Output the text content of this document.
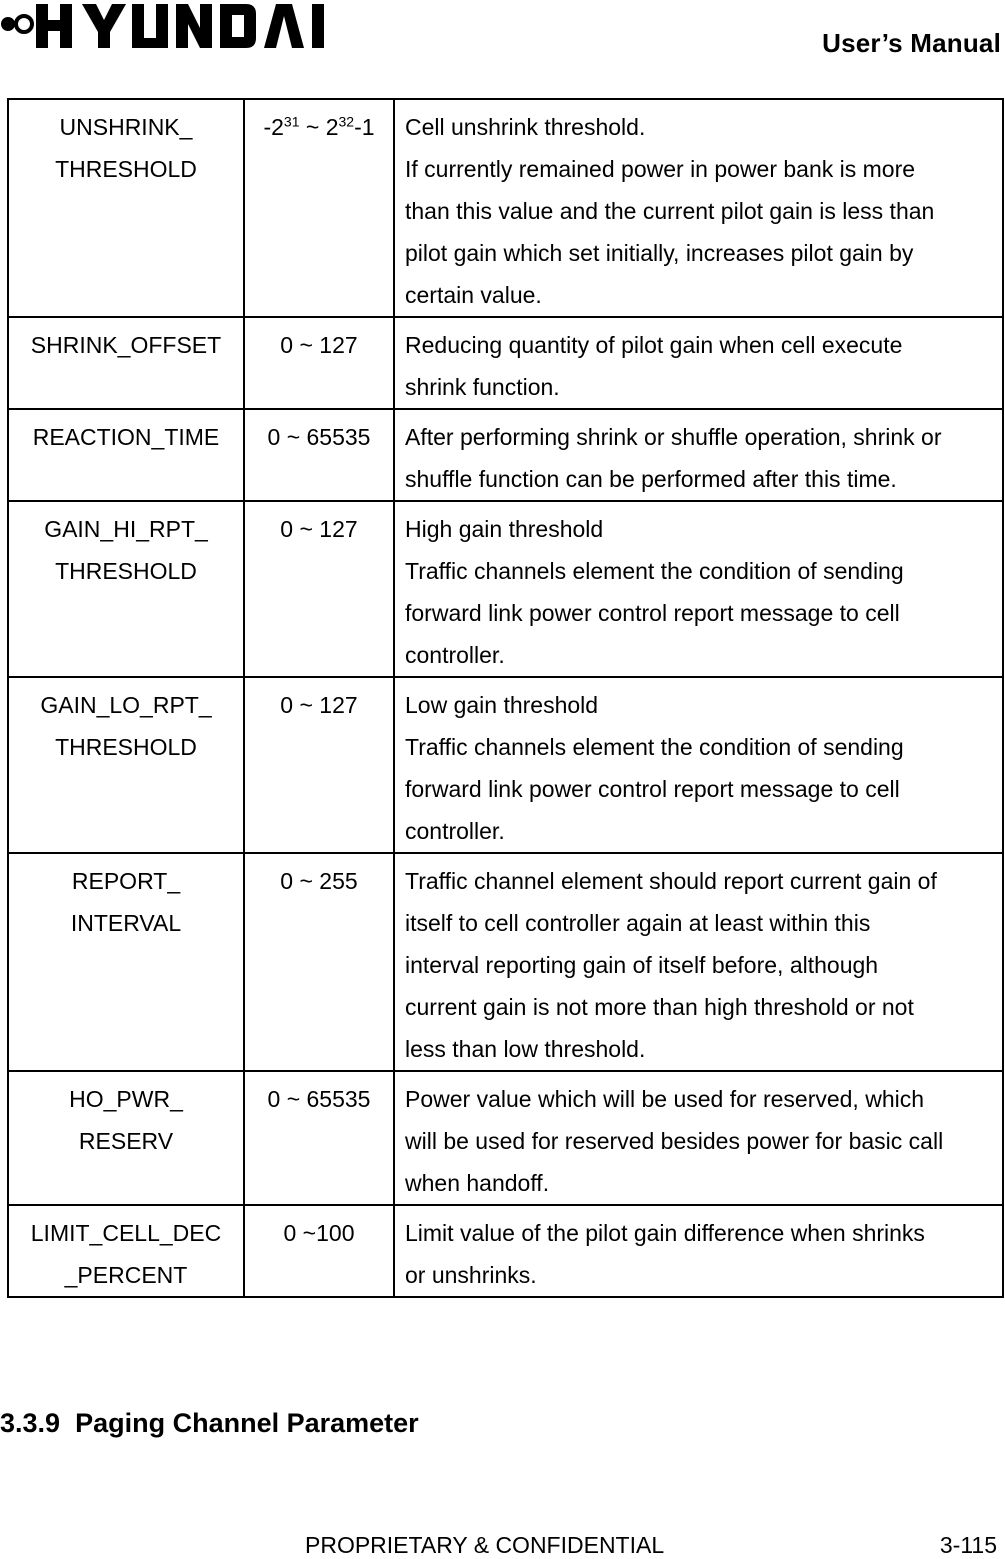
User’s Manual
UNSHRINK_
THRESHOLD	$-2^{31}$ ~ $2^{32}-1$	Cell unshrink threshold.
If currently remained power in power bank is more
than this value and the current pilot gain is less than
pilot gain which set initially, increases pilot gain by
certain value.

SHRINK_OFFSET	0 ~ 127	Reducing quantity of pilot gain when cell execute
shrink function.

REACTION_TIME	0 ~ 65535	After performing shrink or shuffle operation, shrink or
shuffle function can be performed after this time.

GAIN_HI_RPT_
THRESHOLD	0 ~ 127	High gain threshold
Traffic channels element the condition of sending
forward link power control report message to cell
controller.

GAIN_LO_RPT_
THRESHOLD	0 ~ 127	Low gain threshold
Traffic channels element the condition of sending
forward link power control report message to cell
controller.

REPORT_
INTERVAL	0 ~ 255	Traffic channel element should report current gain of
itself to cell controller again at least within this
interval reporting gain of itself before, although
current gain is not more than high threshold or not
less than low threshold.

HO_PWR_
RESERV	0 ~ 65535	Power value which will be used for reserved, which
will be used for reserved besides power for basic call
when handoff.

LIMIT_CELL_DEC
_PERCENT	0 ~100	Limit value of the pilot gain difference when shrinks
or unshrinks.
3.3.9 Paging Channel Parameter
PROPRIETARY & CONFIDENTIAL	3-115
